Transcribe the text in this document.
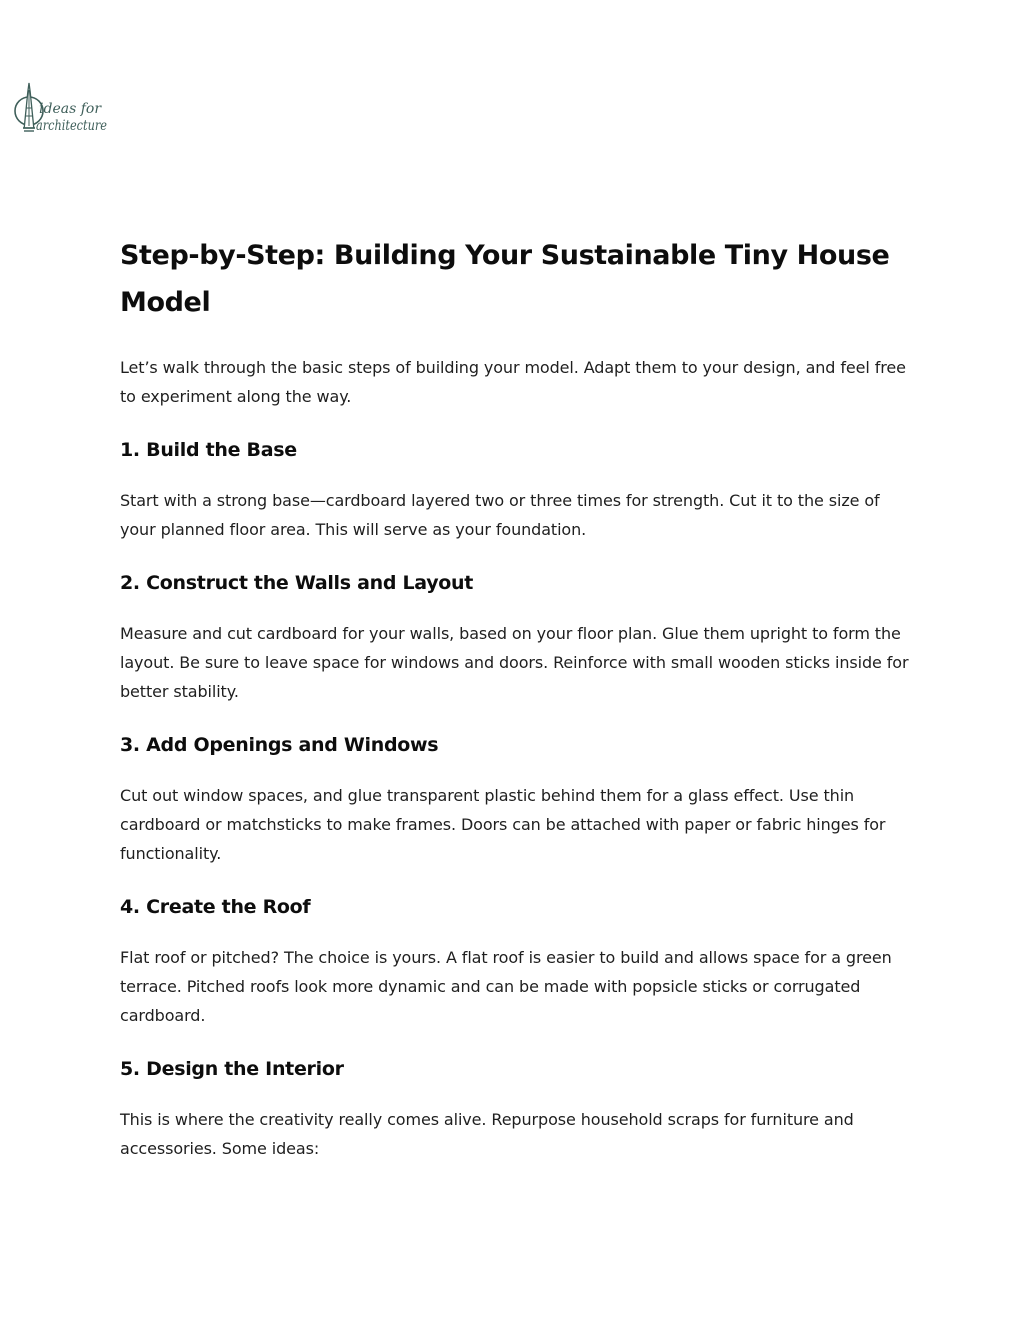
ideas for
architecture
Step-by-Step: Building Your Sustainable Tiny House Model

Let’s walk through the basic steps of building your model. Adapt them to your design, and feel free to experiment along the way.

1. Build the Base

Start with a strong base—cardboard layered two or three times for strength. Cut it to the size of your planned floor area. This will serve as your foundation.

2. Construct the Walls and Layout

Measure and cut cardboard for your walls, based on your floor plan. Glue them upright to form the layout. Be sure to leave space for windows and doors. Reinforce with small wooden sticks inside for better stability.

3. Add Openings and Windows

Cut out window spaces, and glue transparent plastic behind them for a glass effect. Use thin cardboard or matchsticks to make frames. Doors can be attached with paper or fabric hinges for functionality.

4. Create the Roof

Flat roof or pitched? The choice is yours. A flat roof is easier to build and allows space for a green terrace. Pitched roofs look more dynamic and can be made with popsicle sticks or corrugated cardboard.

5. Design the Interior

This is where the creativity really comes alive. Repurpose household scraps for furniture and accessories. Some ideas:
